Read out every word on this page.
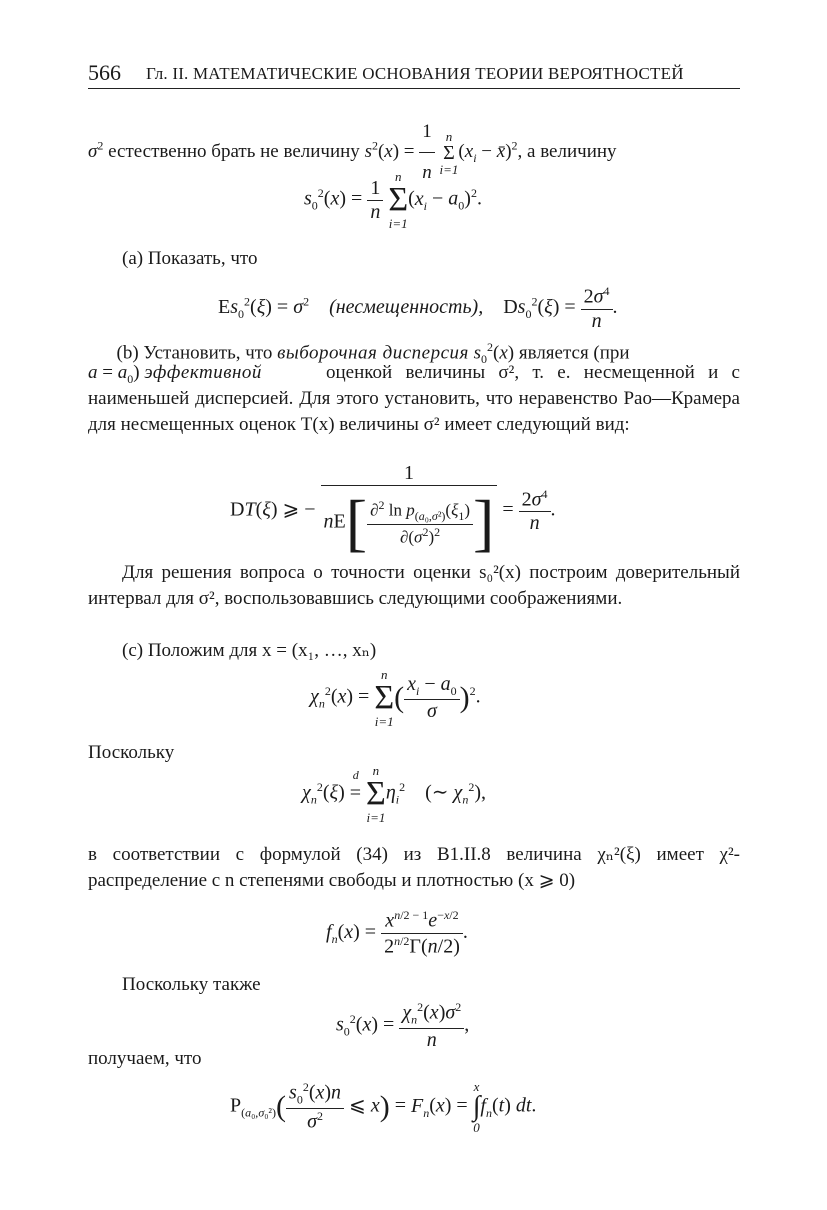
566 Гл. II. МАТЕМАТИЧЕСКИЕ ОСНОВАНИЯ ТЕОРИИ ВЕРОЯТНОСТЕЙ
$\sigma^2$ естественно брать не величину $s^2(x) = \frac{1}{n}$
n
Σ
i=1
($x_i$ − x̄)$^2$, а величину
$s_0^2(x) = \frac{1}{n}$
n
Σ
i=1
$(x_i - a_0)^2$.
(a) Показать, что
$Es_0^2(\xi) = \sigma^2$ (несмещенность),    $Ds_0^2(\xi) = \frac{2\sigma^4}{n}$ .
(b) Установить, что выборочная дисперсия $s_0^2(x)$ является (при
$a = a_0$) эффективной	оценкой величины σ², т. е. несмещенной и с наименьшей дисперсией. Для этого установить, что неравенство Рао—Крамера для несмещенных оценок T(x) величины σ² имеет следующий вид:
DT(ξ) ⩾ − $\frac{1}{nE[ \frac{\partial^2 \ln p_{(a_0,\sigma^2)}(\xi_1)}{\partial(\sigma^2)^2} ]} = \frac{2\sigma^4}{n}$ .
Для решения вопроса о точности оценки s₀²(x) построим доверительный интервал для σ², воспользовавшись следующими соображениями.
(c) Положим для x = (x₁, …, xₙ)
$\chi_n^2(x)$ =
n
Σ
i=1
( $\frac{x_i - a_0}{\sigma} )^2$.
Поскольку
$\chi_n^2(\xi)$ =
d
	n
Σ
i=1
$\eta_i^2$    (∼ $\chi_n^2$),
в соответствии с формулой (34) из В1.II.8 величина χₙ²(ξ) имеет χ²-распределение с n степенями свободы и плотностью (x ⩾ 0)
$f_n(x) = \frac{x^{n/2 - 1}e^{-x/2}}{2^{n/2}\Gamma(n/2)}$ .
Поскольку также
$s_0^2(x) = \frac{\chi_n^2(x)\sigma^2}{n}$ ,
получаем, что
$P_{(a_0,\sigma_0^2)}( \frac{s_0^2(x)n}{\sigma^2}$ ⩽ $x) = F_n(x)$ =
x
∫
0
$f_n(t)$ dt.
